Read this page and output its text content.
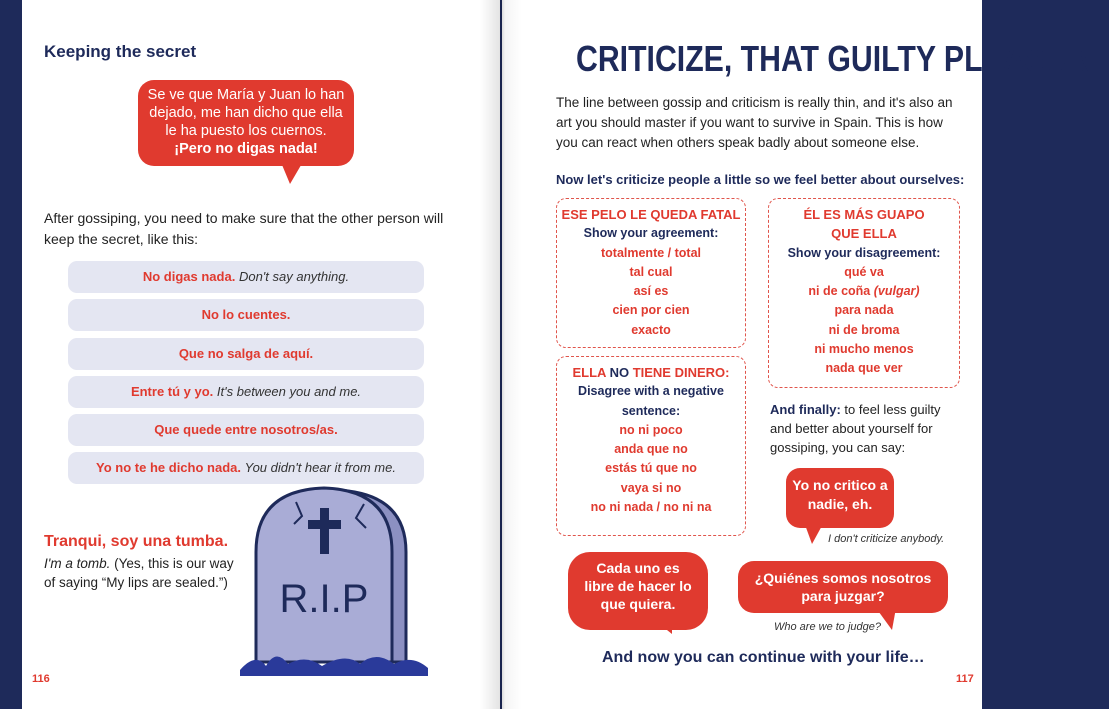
Keeping the secret
Se ve que María y Juan lo han dejado, me han dicho que ella le ha puesto los cuernos.
¡Pero no digas nada!
After gossiping, you need to make sure that the other person will keep the secret, like this:
No digas nada. Don't say anything.
No lo cuentes.
Que no salga de aquí.
Entre tú y yo. It's between you and me.
Que quede entre nosotros/as.
Yo no te he dicho nada. You didn't hear it from me.
Tranqui, soy una tumba.
I'm a tomb. (Yes, this is our way of saying “My lips are sealed.”) R.I.P
116
CRITICIZE, THAT GUILTY PLEASURE
The line between gossip and criticism is really thin, and it's also an art you should master if you want to survive in Spain. This is how you can react when others speak badly about someone else.
Now let's criticize people a little so we feel better about ourselves:
ESE PELO LE QUEDA FATAL
Show your agreement:
totalmente / total
tal cual
así es
cien por cien
exacto
ELLA NO TIENE DINERO:
Disagree with a negative sentence:
no ni poco
anda que no
estás tú que no
vaya si no
no ni nada / no ni na
ÉL ES MÁS GUAPO QUE ELLA
Show your disagreement:
qué va
ni de coña (vulgar)
para nada
ni de broma
ni mucho menos
nada que ver
And finally: to feel less guilty and better about yourself for gossiping, you can say:
Yo no critico a nadie, eh.
I don't criticize anybody.
Cada uno es libre de hacer lo que quiera.
¿Quiénes somos nosotros para juzgar?
Who are we to judge?
And now you can continue with your life…
117
